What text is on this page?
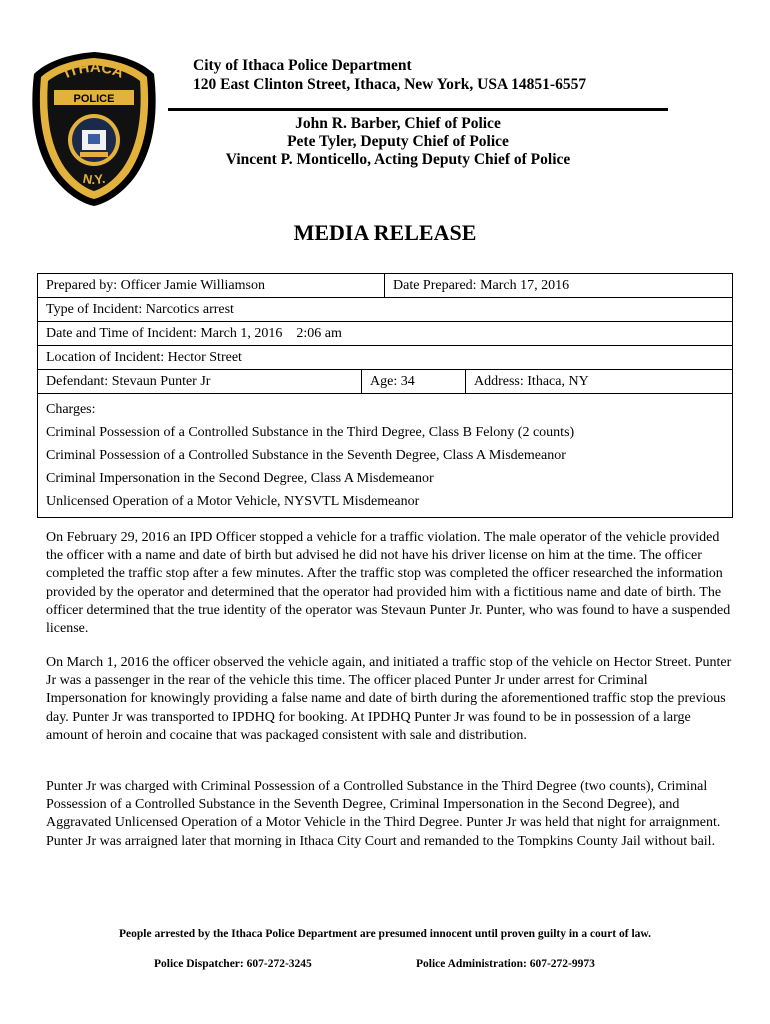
ITHACA
POLICE
N.Y.
City of Ithaca Police Department
120 East Clinton Street, Ithaca, New York, USA 14851-6557
John R. Barber, Chief of Police
Pete Tyler, Deputy Chief of Police
Vincent P. Monticello, Acting Deputy Chief of Police
MEDIA RELEASE
Prepared by: Officer Jamie Williamson	Date Prepared: March 17, 2016
Type of Incident: Narcotics arrest
Date and Time of Incident: March 1, 2016    2:06 am
Location of Incident: Hector Street
Defendant: Stevaun Punter Jr	Age: 34	Address: Ithaca, NY
Charges:
Criminal Possession of a Controlled Substance in the Third Degree, Class B Felony (2 counts)
Criminal Possession of a Controlled Substance in the Seventh Degree, Class A Misdemeanor
Criminal Impersonation in the Second Degree, Class A Misdemeanor
Unlicensed Operation of a Motor Vehicle, NYSVTL Misdemeanor
On February 29, 2016 an IPD Officer stopped a vehicle for a traffic violation. The male operator of the vehicle provided the officer with a name and date of birth but advised he did not have his driver license on him at the time. The officer completed the traffic stop after a few minutes. After the traffic stop was completed the officer researched the information provided by the operator and determined that the operator had provided him with a fictitious name and date of birth. The officer determined that the true identity of the operator was Stevaun Punter Jr. Punter, who was found to have a suspended license.
On March 1, 2016 the officer observed the vehicle again, and initiated a traffic stop of the vehicle on Hector Street. Punter Jr was a passenger in the rear of the vehicle this time. The officer placed Punter Jr under arrest for Criminal Impersonation for knowingly providing a false name and date of birth during the aforementioned traffic stop the previous day. Punter Jr was transported to IPDHQ for booking. At IPDHQ Punter Jr was found to be in possession of a large amount of heroin and cocaine that was packaged consistent with sale and distribution.
Punter Jr was charged with Criminal Possession of a Controlled Substance in the Third Degree (two counts), Criminal Possession of a Controlled Substance in the Seventh Degree, Criminal Impersonation in the Second Degree), and Aggravated Unlicensed Operation of a Motor Vehicle in the Third Degree. Punter Jr was held that night for arraignment. Punter Jr was arraigned later that morning in Ithaca City Court and remanded to the Tompkins County Jail without bail.
People arrested by the Ithaca Police Department are presumed innocent until proven guilty in a court of law.
Police Dispatcher: 607-272-3245	Police Administration: 607-272-9973
